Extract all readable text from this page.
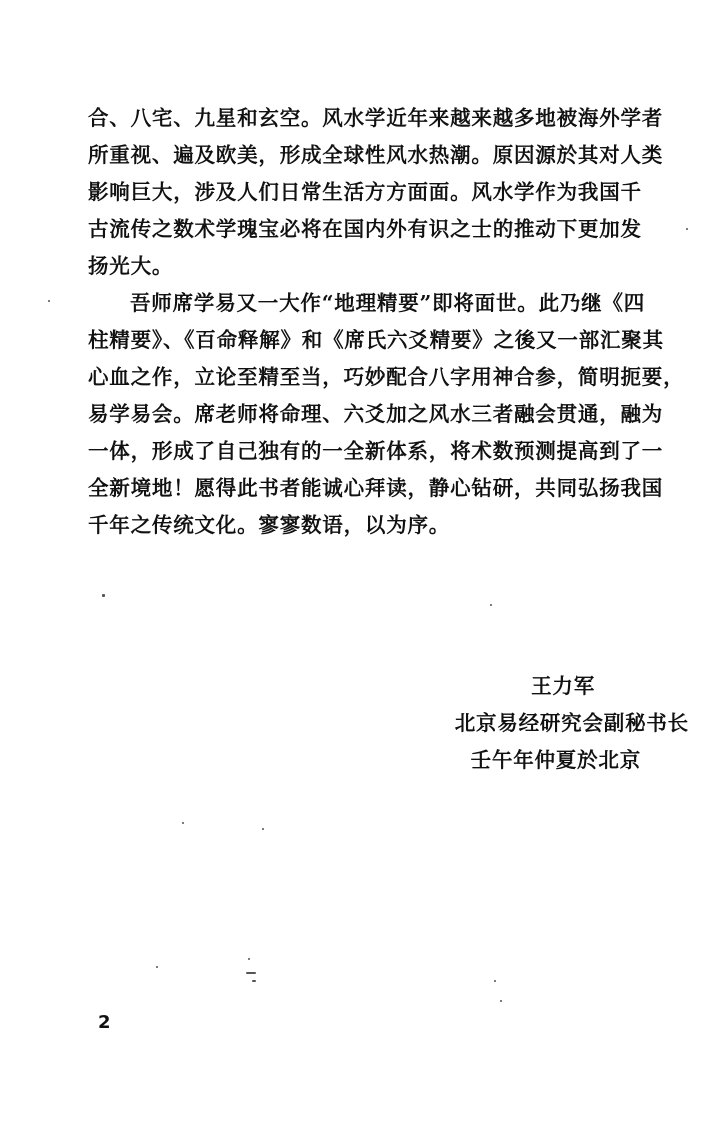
合、八宅、九星和玄空。风水学近年来越来越多地被海外学者
所重视、遍及欧美，形成全球性风水热潮。原因源於其对人类
影响巨大，涉及人们日常生活方方面面。风水学作为我国千
古流传之数术学瑰宝必将在国内外有识之士的推动下更加发
扬光大。
吾师席学易又一大作“地理精要”即将面世。此乃继《四
柱精要》、《百命释解》和《席氏六爻精要》之後又一部汇聚其
心血之作，立论至精至当，巧妙配合八字用神合参，简明扼要，
易学易会。席老师将命理、六爻加之风水三者融会贯通，融为
一体，形成了自己独有的一全新体系，将术数预测提高到了一
全新境地！愿得此书者能诚心拜读，静心钻研，共同弘扬我国
千年之传统文化。寥寥数语，以为序。
王力军
北京易经研究会副秘书长
壬午年仲夏於北京
2
